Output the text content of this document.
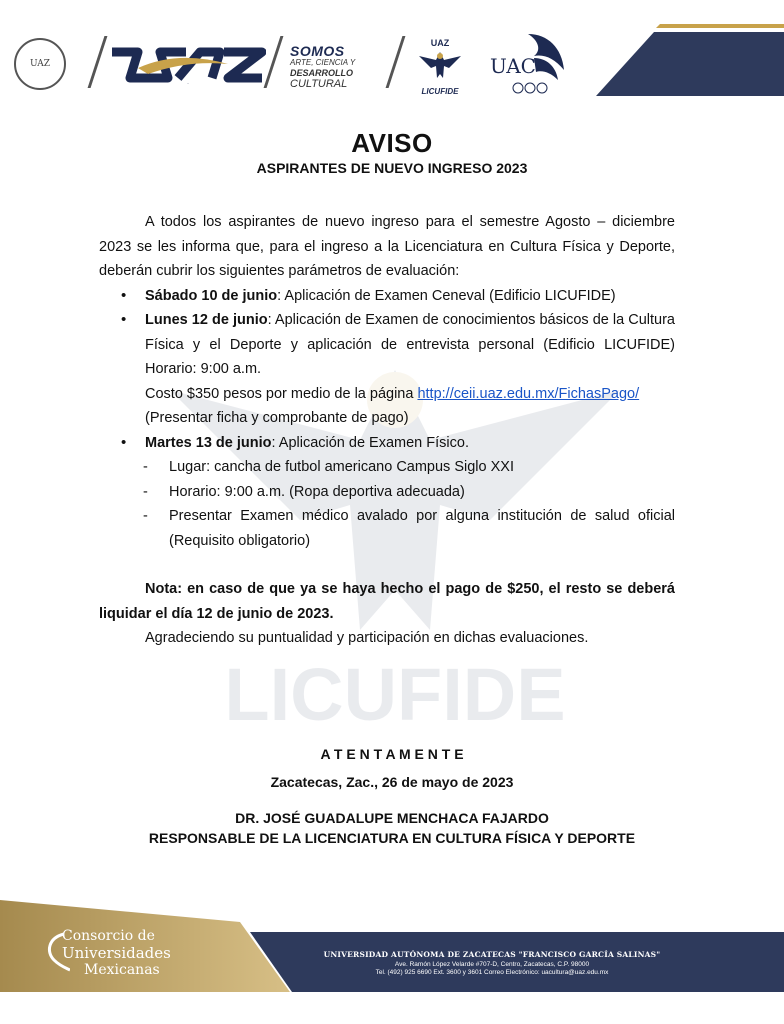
UAZ
UAZ
SOMOS
ARTE, CIENCIA Y
DESARROLLO
CULTURAL
UAZ
LICUFIDE
UAC
LICUFIDE
AVISO
ASPIRANTES DE NUEVO INGRESO 2023

A todos los aspirantes de nuevo ingreso para el semestre Agosto – diciembre 2023 se les informa que, para el ingreso a la Licenciatura en Cultura Física y Deporte, deberán cubrir los siguientes parámetros de evaluación:

• Sábado 10 de junio: Aplicación de Examen Ceneval (Edificio LICUFIDE)
• Lunes 12 de junio: Aplicación de Examen de conocimientos básicos de la Cultura Física y el Deporte y aplicación de entrevista personal (Edificio LICUFIDE) Horario: 9:00 a.m.
Costo $350 pesos por medio de la página http://ceii.uaz.edu.mx/FichasPago/
(Presentar ficha y comprobante de pago)
• Martes 13 de junio: Aplicación de Examen Físico.
- Lugar: cancha de futbol americano Campus Siglo XXI
- Horario: 9:00 a.m. (Ropa deportiva adecuada)
- Presentar Examen médico avalado por alguna institución de salud oficial (Requisito obligatorio)

Nota: en caso de que ya se haya hecho el pago de $250, el resto se deberá liquidar el día 12 de junio de 2023.

Agradeciendo su puntualidad y participación en dichas evaluaciones.

A T E N T A M E N T E
Zacatecas, Zac., 26 de mayo de 2023
DR. JOSÉ GUADALUPE MENCHACA FAJARDO
RESPONSABLE DE LA LICENCIATURA EN CULTURA FÍSICA Y DEPORTE
Consorcio de
Universidades
Mexicanas
UNIVERSIDAD AUTÓNOMA DE ZACATECAS "FRANCISCO GARCÍA SALINAS"
Ave. Ramón López Velarde #707-D, Centro, Zacatecas, C.P. 98000
Tel. (492) 925 6690 Ext. 3600 y 3601 Correo Electrónico: uacultura@uaz.edu.mx
